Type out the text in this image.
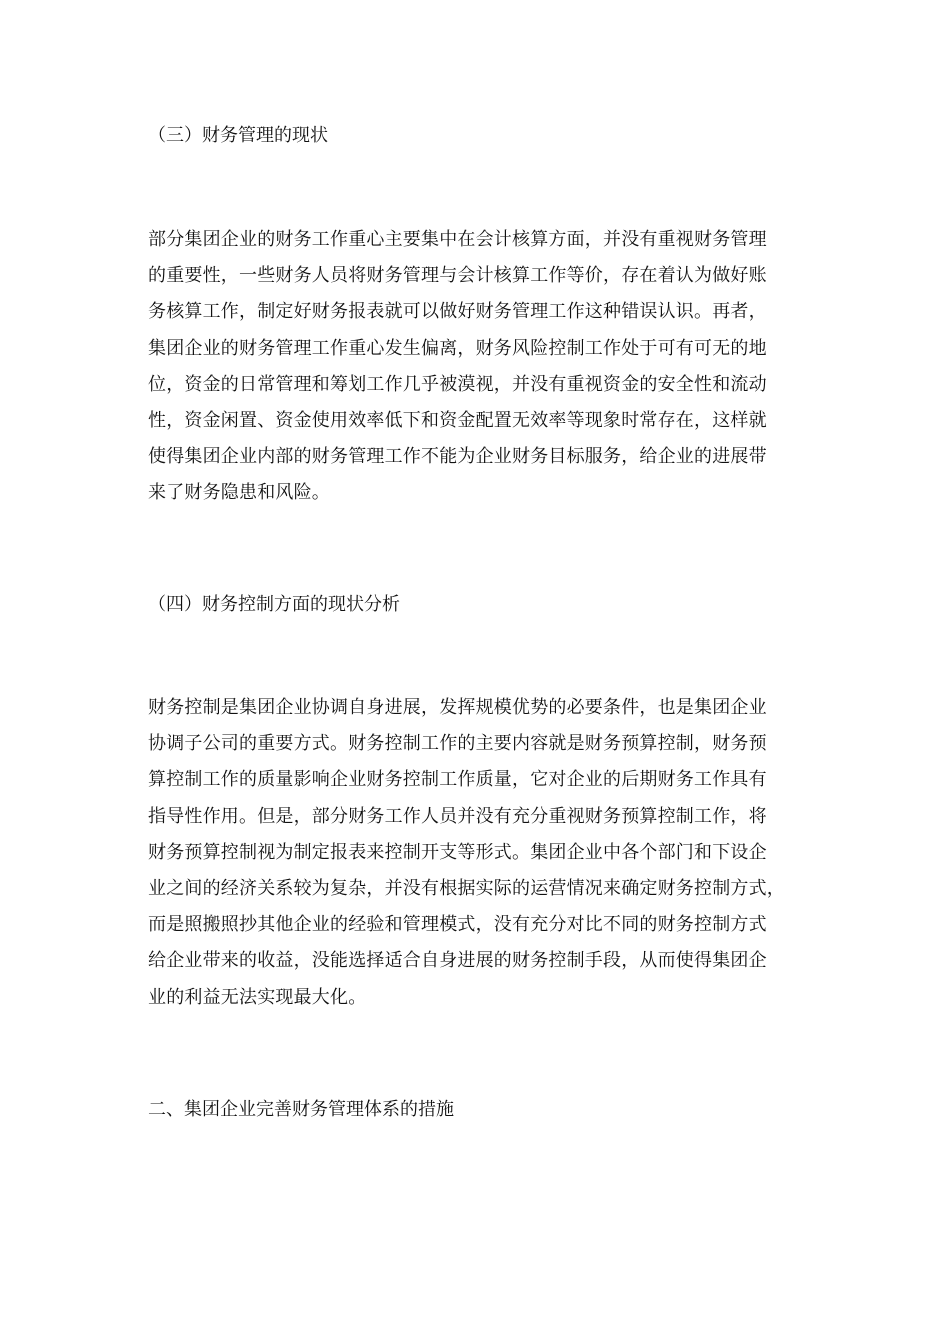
（三）财务管理的现状
部分集团企业的财务工作重心主要集中在会计核算方面，并没有重视财务管理
的重要性，一些财务人员将财务管理与会计核算工作等价，存在着认为做好账
务核算工作，制定好财务报表就可以做好财务管理工作这种错误认识。再者，
集团企业的财务管理工作重心发生偏离，财务风险控制工作处于可有可无的地
位，资金的日常管理和筹划工作几乎被漠视，并没有重视资金的安全性和流动
性，资金闲置、资金使用效率低下和资金配置无效率等现象时常存在，这样就
使得集团企业内部的财务管理工作不能为企业财务目标服务，给企业的进展带
来了财务隐患和风险。
（四）财务控制方面的现状分析
财务控制是集团企业协调自身进展，发挥规模优势的必要条件，也是集团企业
协调子公司的重要方式。财务控制工作的主要内容就是财务预算控制，财务预
算控制工作的质量影响企业财务控制工作质量，它对企业的后期财务工作具有
指导性作用。但是，部分财务工作人员并没有充分重视财务预算控制工作，将
财务预算控制视为制定报表来控制开支等形式。集团企业中各个部门和下设企
业之间的经济关系较为复杂，并没有根据实际的运营情况来确定财务控制方式，
而是照搬照抄其他企业的经验和管理模式，没有充分对比不同的财务控制方式
给企业带来的收益，没能选择适合自身进展的财务控制手段，从而使得集团企
业的利益无法实现最大化。
二、集团企业完善财务管理体系的措施
